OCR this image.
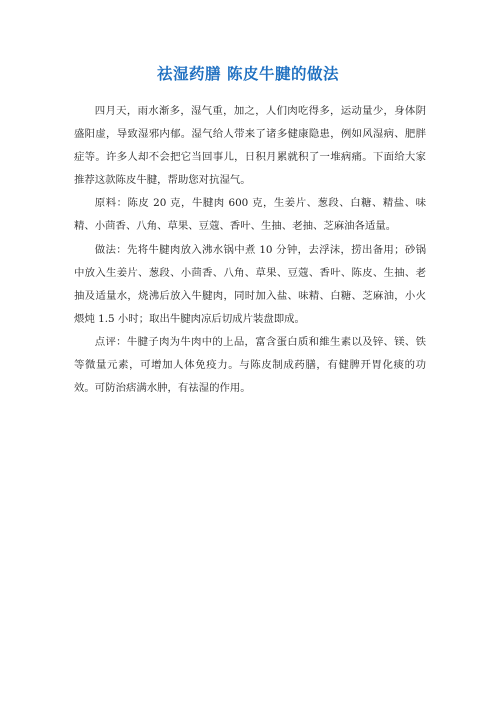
祛湿药膳 陈皮牛腱的做法

四月天，雨水渐多，湿气重，加之，人们肉吃得多，运动量少，身体阴盛阳虚，导致湿邪内郁。湿气给人带来了诸多健康隐患，例如风湿病、肥胖症等。许多人却不会把它当回事儿，日积月累就积了一堆病痛。下面给大家推荐这款陈皮牛腱，帮助您对抗湿气。

原料：陈皮 20 克，牛腱肉 600 克，生姜片、葱段、白糖、精盐、味精、小茴香、八角、草果、豆蔻、香叶、生抽、老抽、芝麻油各适量。

做法：先将牛腱肉放入沸水锅中煮 10 分钟，去浮沫，捞出备用；砂锅中放入生姜片、葱段、小茴香、八角、草果、豆蔻、香叶、陈皮、生抽、老抽及适量水，烧沸后放入牛腱肉，同时加入盐、味精、白糖、芝麻油，小火煨炖 1.5 小时；取出牛腱肉凉后切成片装盘即成。

点评：牛腱子肉为牛肉中的上品，富含蛋白质和維生素以及锌、镁、铁等微量元素，可增加人体免疫力。与陈皮制成药膳，有健脾开胃化痰的功效。可防治痞满水肿，有祛湿的作用。
